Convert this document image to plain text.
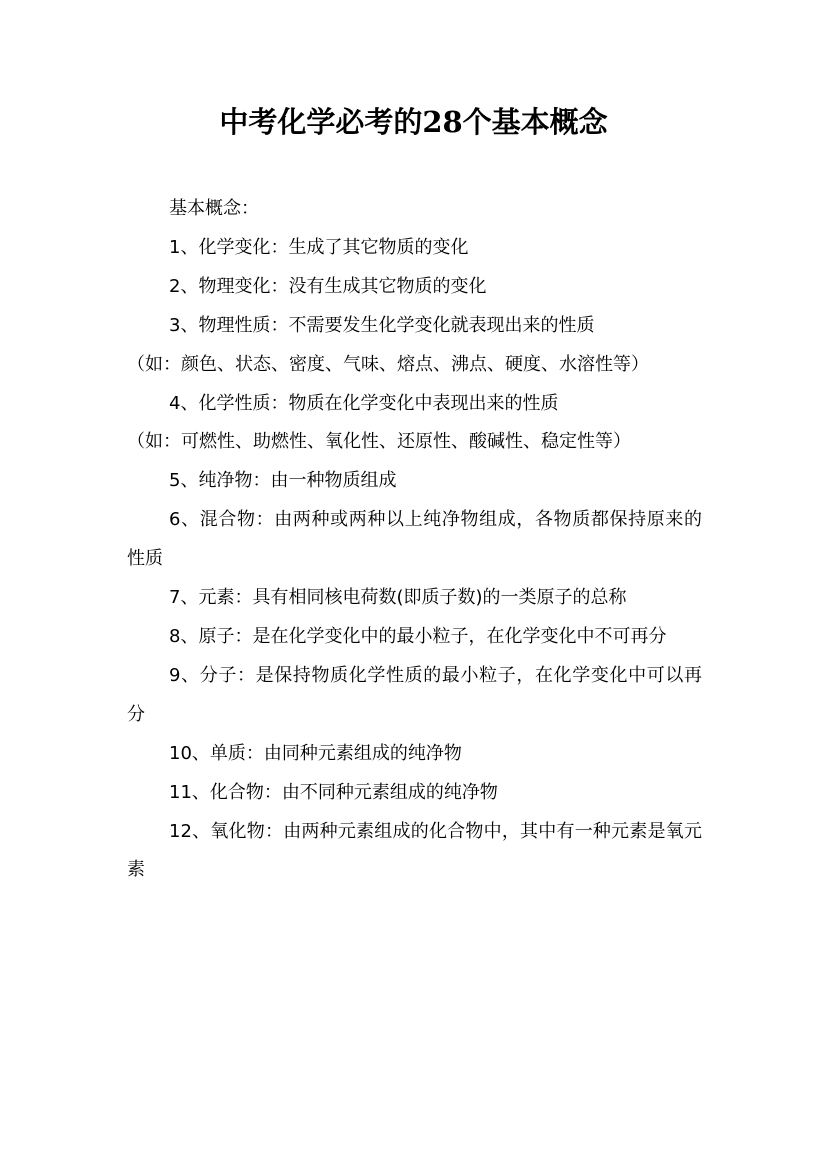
中考化学必考的28个基本概念

基本概念：

1、化学变化：生成了其它物质的变化

2、物理变化：没有生成其它物质的变化

3、物理性质：不需要发生化学变化就表现出来的性质

（如：颜色、状态、密度、气味、熔点、沸点、硬度、水溶性等）

4、化学性质：物质在化学变化中表现出来的性质

（如：可燃性、助燃性、氧化性、还原性、酸碱性、稳定性等）

5、纯净物：由一种物质组成

6、混合物：由两种或两种以上纯净物组成，各物质都保持原来的性质

7、元素：具有相同核电荷数(即质子数)的一类原子的总称

8、原子：是在化学变化中的最小粒子，在化学变化中不可再分

9、分子：是保持物质化学性质的最小粒子，在化学变化中可以再分

10、单质：由同种元素组成的纯净物

11、化合物：由不同种元素组成的纯净物

12、氧化物：由两种元素组成的化合物中，其中有一种元素是氧元素
